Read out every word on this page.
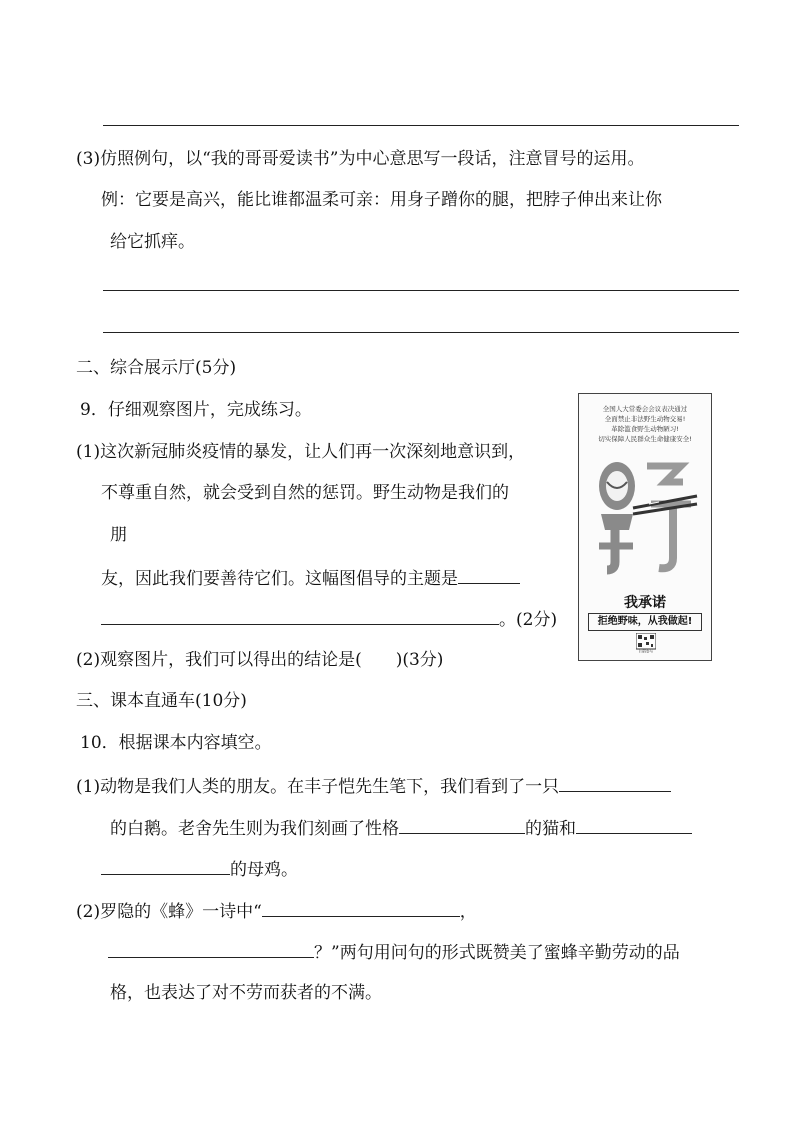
(3)仿照例句，以“我的哥哥爱读书”为中心意思写一段话，注意冒号的运用。
例：它要是高兴，能比谁都温柔可亲：用身子蹭你的腿，把脖子伸出来让你
给它抓痒。
二、综合展示厅(5分)
9．仔细观察图片，完成练习。
(1)这次新冠肺炎疫情的暴发，让人们再一次深刻地意识到，
不尊重自然，就会受到自然的惩罚。野生动物是我们的
朋
友，因此我们要善待它们。这幅图倡导的主题是
。(2分)
(2)观察图片，我们可以得出的结论是(　　)(3分)
全国人大常委会会议表决通过
全面禁止非法野生动物交易!
革除滥食野生动物陋习!
切实保障人民群众生命健康安全!
我承诺
拒绝野味，从我做起!
扫码参与
三、课本直通车(10分)
10．根据课本内容填空。
(1)动物是我们人类的朋友。在丰子恺先生笔下，我们看到了一只
的白鹅。老舍先生则为我们刻画了性格	的猫和
的母鸡。
(2)罗隐的《蜂》一诗中“	，
？”两句用问句的形式既赞美了蜜蜂辛勤劳动的品
格，也表达了对不劳而获者的不满。
